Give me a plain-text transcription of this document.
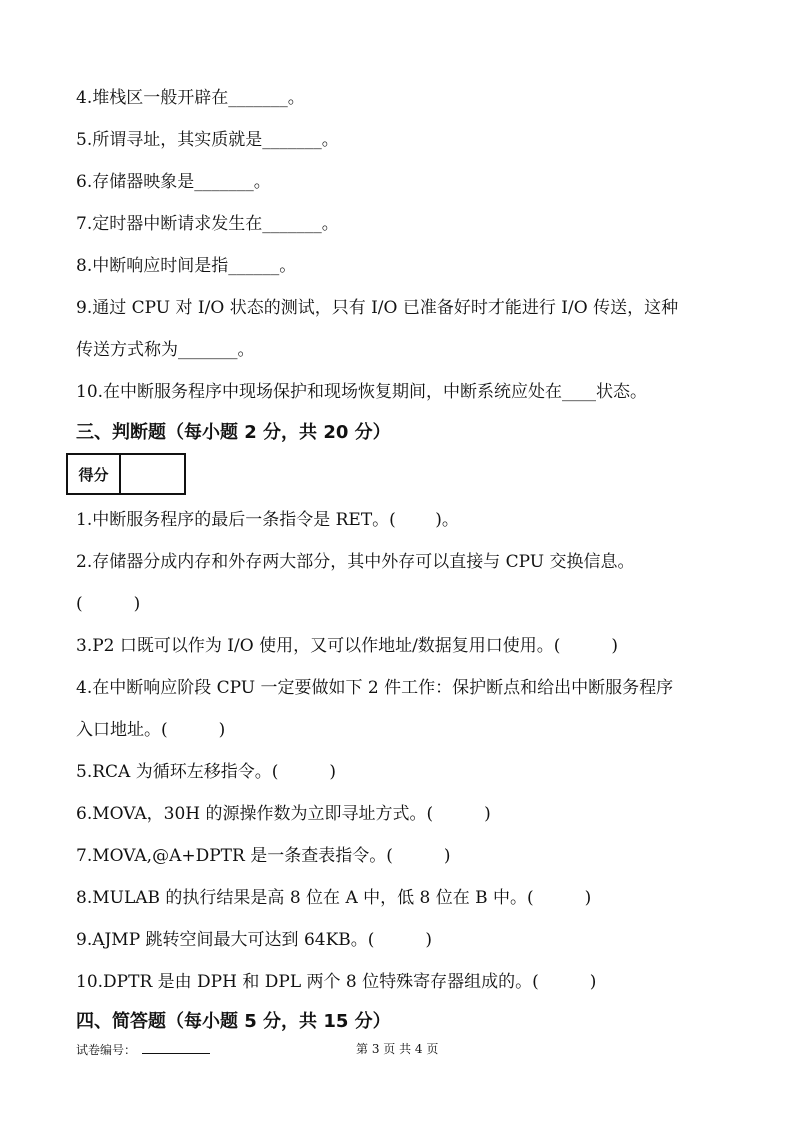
4.堆栈区一般开辟在_______。
5.所谓寻址，其实质就是_______。
6.存储器映象是_______。
7.定时器中断请求发生在_______。
8.中断响应时间是指______。
9.通过 CPU 对 I/O 状态的测试，只有 I/O 已准备好时才能进行 I/O 传送，这种
传送方式称为_______。
10.在中断服务程序中现场保护和现场恢复期间，中断系统应处在____状态。
三、判断题（每小题 2 分，共 20 分）
得分
1.中断服务程序的最后一条指令是 RET。(　　 )。
2.存储器分成内存和外存两大部分，其中外存可以直接与 CPU 交换信息。
(　　　)
3.P2 口既可以作为 I/O 使用，又可以作地址/数据复用口使用。(　　　)
4.在中断响应阶段 CPU 一定要做如下 2 件工作：保护断点和给出中断服务程序
入口地址。(　　　)
5.RCA 为循环左移指令。(　　　)
6.MOVA，30H 的源操作数为立即寻址方式。(　　　)
7.MOVA,@A+DPTR 是一条查表指令。(　　　)
8.MULAB 的执行结果是高 8 位在 A 中，低 8 位在 B 中。(　　　)
9.AJMP 跳转空间最大可达到 64KB。(　　　)
10.DPTR 是由 DPH 和 DPL 两个 8 位特殊寄存器组成的。(　　　)
四、简答题（每小题 5 分，共 15 分）
试卷编号：	第 3 页 共 4 页
